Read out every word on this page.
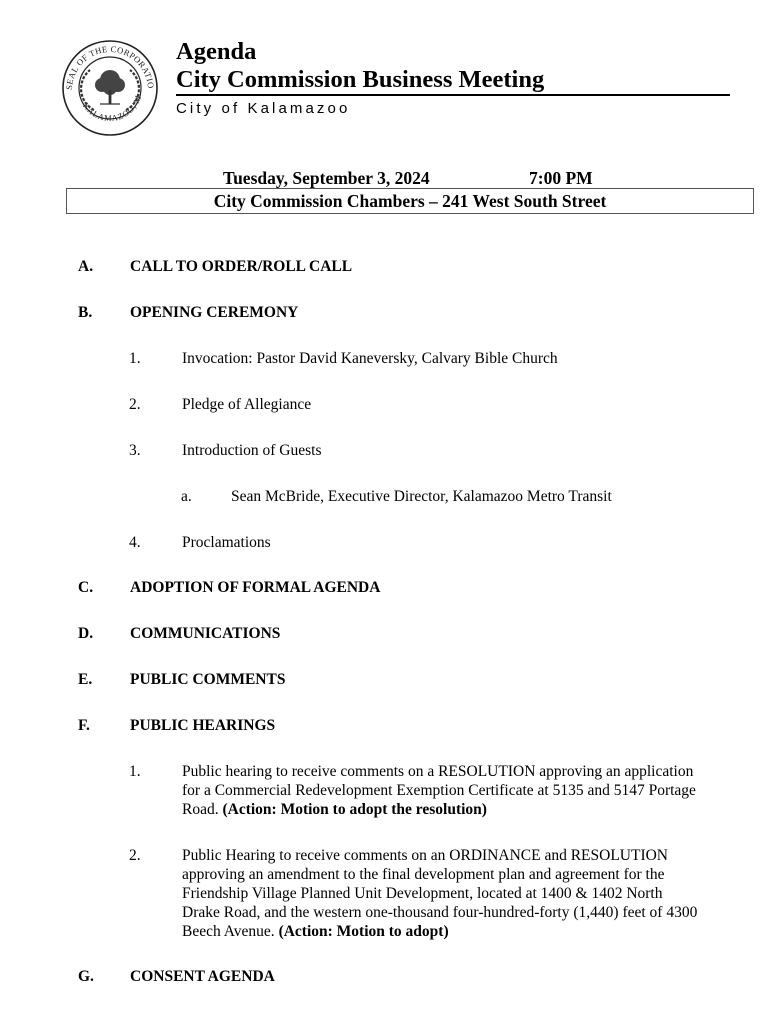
SEAL OF THE CORPORATIO
KALAMAZOO, M
Agenda
City Commission Business Meeting
City of Kalamazoo
Tuesday, September 3, 2024	7:00 PM
City Commission Chambers – 241 West South Street
A. CALL TO ORDER/ROLL CALL
B. OPENING CEREMONY
1.	Invocation: Pastor David Kaneversky, Calvary Bible Church
2.	Pledge of Allegiance
3.	Introduction of Guests
a.	Sean McBride, Executive Director, Kalamazoo Metro Transit
4.	Proclamations
C. ADOPTION OF FORMAL AGENDA
D. COMMUNICATIONS
E. PUBLIC COMMENTS
F.	PUBLIC HEARINGS
1.	Public hearing to receive comments on a RESOLUTION approving an application
for a Commercial Redevelopment Exemption Certificate at 5135 and 5147 Portage
Road. (Action: Motion to adopt the resolution)
2.	Public Hearing to receive comments on an ORDINANCE and RESOLUTION
approving an amendment to the final development plan and agreement for the
Friendship Village Planned Unit Development, located at 1400 & 1402 North
Drake Road, and the western one-thousand four-hundred-forty (1,440) feet of 4300
Beech Avenue. (Action: Motion to adopt)
G. CONSENT AGENDA
